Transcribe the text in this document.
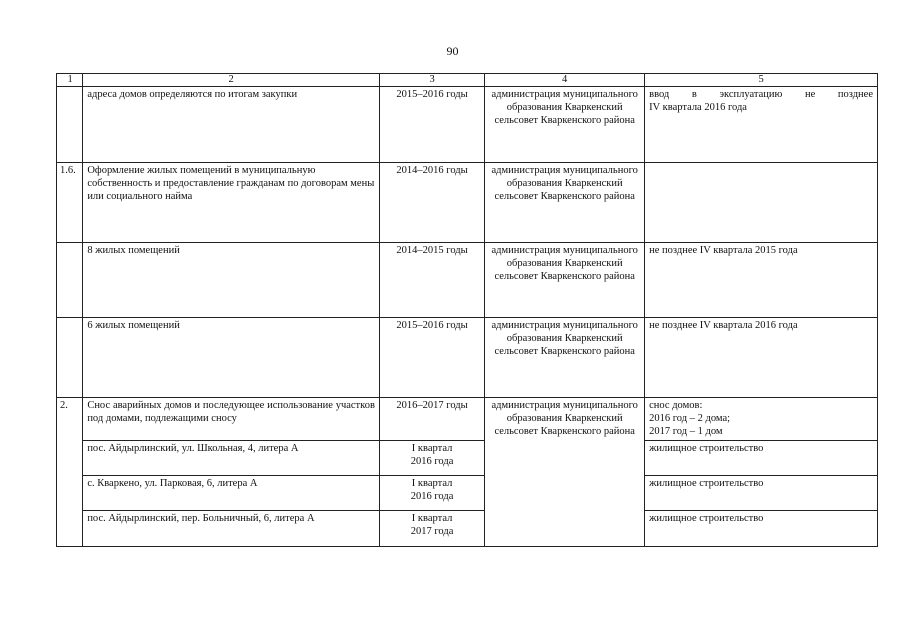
90
1	2	3	4	5
	адреса домов определяются по итогам закупки	2015–2016 годы	администрация муниципального образования Кваркенский сельсовет Кваркенского района	ввод в эксплуатацию не позднее
IV квартала 2016 года

1.6.	Оформление жилых помещений в муниципальную собственность и предоставление гражданам по договорам мены или социального найма	2014–2016 годы	администрация муниципального образования Кваркенский сельсовет Кваркенского района	
	8 жилых помещений	2014–2015 годы	администрация муниципального образования Кваркенский сельсовет Кваркенского района	не позднее IV квартала 2015 года
	6 жилых помещений	2015–2016 годы	администрация муниципального образования Кваркенский сельсовет Кваркенского района	не позднее IV квартала 2016 года
2.	Снос аварийных домов и последующее использование участков под домами, подлежащими сносу	2016–2017 годы	администрация муниципального образования Кваркенский сельсовет Кваркенского района	снос домов:
2016 год – 2 дома;
2017 год – 1 дом

	пос. Айдырлинский, ул. Школьная, 4, литера А	I квартал
2016 года		жилищное строительство
	с. Кваркено, ул. Парковая, 6, литера А	I квартал
2016 года		жилищное строительство
	пос. Айдырлинский, пер. Больничный, 6, литера А	I квартал
2017 года		жилищное строительство
